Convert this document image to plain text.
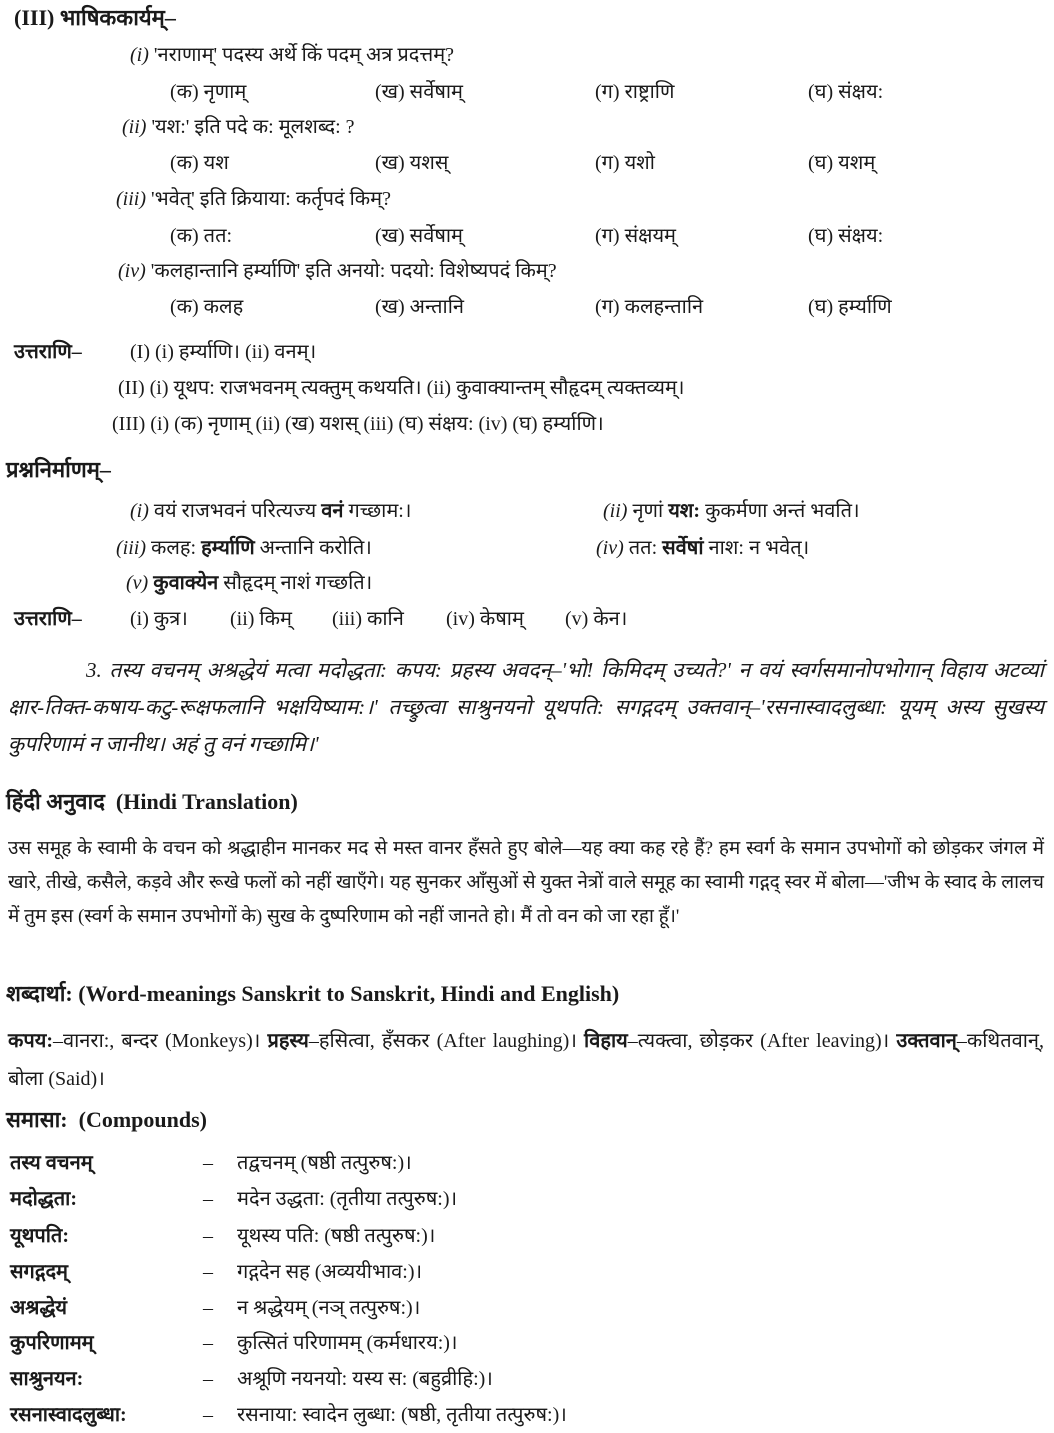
(III) भाषिककार्यम्–
(i) 'नराणाम्' पदस्य अर्थे किं पदम् अत्र प्रदत्तम्?
(क) नृणाम्	(ख) सर्वेषाम्	(ग) राष्ट्राणि	(घ) संक्षय:
(ii) 'यश:' इति पदे क: मूलशब्द: ?
(क) यश	(ख) यशस्	(ग) यशो	(घ) यशम्
(iii) 'भवेत्' इति क्रियाया: कर्तृपदं किम्?
(क) तत:	(ख) सर्वेषाम्	(ग) संक्षयम्	(घ) संक्षय:
(iv) 'कलहान्तानि हर्म्याणि' इति अनयो: पदयो: विशेष्यपदं किम्?
(क) कलह	(ख) अन्तानि	(ग) कलहन्तानि	(घ) हर्म्याणि
उत्तराणि– (I) (i) हर्म्याणि। (ii) वनम्।
(II) (i) यूथप: राजभवनम् त्यक्तुम् कथयति। (ii) कुवाक्यान्तम् सौहृदम् त्यक्तव्यम्।
(III) (i) (क) नृणाम् (ii) (ख) यशस् (iii) (घ) संक्षय: (iv) (घ) हर्म्याणि।
प्रश्ननिर्माणम्–
(i) वयं राजभवनं परित्यज्य वनं गच्छाम:।	(ii) नृणां यश: कुकर्मणा अन्तं भवति।
(iii) कलह: हर्म्याणि अन्तानि करोति।	(iv) तत: सर्वेषां नाश: न भवेत्।
(v) कुवाक्येन सौहृदम् नाशं गच्छति।
उत्तराणि– (i) कुत्र। (ii) किम् (iii) कानि (iv) केषाम् (v) केन।
3. तस्य वचनम् अश्रद्धेयं मत्वा मदोद्धता: कपय: प्रहस्य अवदन्–'भो! किमिदम् उच्यते?' न वयं स्वर्गसमानोपभोगान् विहाय अटव्यां क्षार-तिक्त-कषाय-कटु-रूक्षफलानि भक्षयिष्याम:।' तच्छ्रुत्वा साश्रुनयनो यूथपति: सगद्गदम् उक्तवान्–'रसनास्वादलुब्धा: यूयम् अस्य सुखस्य कुपरिणामं न जानीथ। अहं तु वनं गच्छामि।'
हिंदी अनुवाद (Hindi Translation)
उस समूह के स्वामी के वचन को श्रद्धाहीन मानकर मद से मस्त वानर हँसते हुए बोले—यह क्या कह रहे हैं? हम स्वर्ग के समान उपभोगों को छोड़कर जंगल में खारे, तीखे, कसैले, कड़वे और रूखे फलों को नहीं खाएँगे। यह सुनकर आँसुओं से युक्त नेत्रों वाले समूह का स्वामी गद्गद् स्वर में बोला—'जीभ के स्वाद के लालच में तुम इस (स्वर्ग के समान उपभोगों के) सुख के दुष्परिणाम को नहीं जानते हो। मैं तो वन को जा रहा हूँ।'
शब्दार्था: (Word-meanings Sanskrit to Sanskrit, Hindi and English)
कपय:–वानरा:, बन्दर (Monkeys)। प्रहस्य–हसित्वा, हँसकर (After laughing)। विहाय–त्यक्त्वा, छोड़कर (After leaving)। उक्तवान्–कथितवान्, बोला (Said)।
समासा: (Compounds)
तस्य वचनम्	– तद्वचनम् (षष्ठी तत्पुरुष:)।
मदोद्धता:	– मदेन उद्धता: (तृतीया तत्पुरुष:)।
यूथपति:	– यूथस्य पति: (षष्ठी तत्पुरुष:)।
सगद्गदम्	– गद्गदेन सह (अव्ययीभाव:)।
अश्रद्धेयं	– न श्रद्धेयम् (नञ् तत्पुरुष:)।
कुपरिणामम्	– कुत्सितं परिणामम् (कर्मधारय:)।
साश्रुनयन:	– अश्रूणि नयनयो: यस्य स: (बहुव्रीहि:)।
रसनास्वादलुब्धा:	– रसनाया: स्वादेन लुब्धा: (षष्ठी, तृतीया तत्पुरुष:)।
